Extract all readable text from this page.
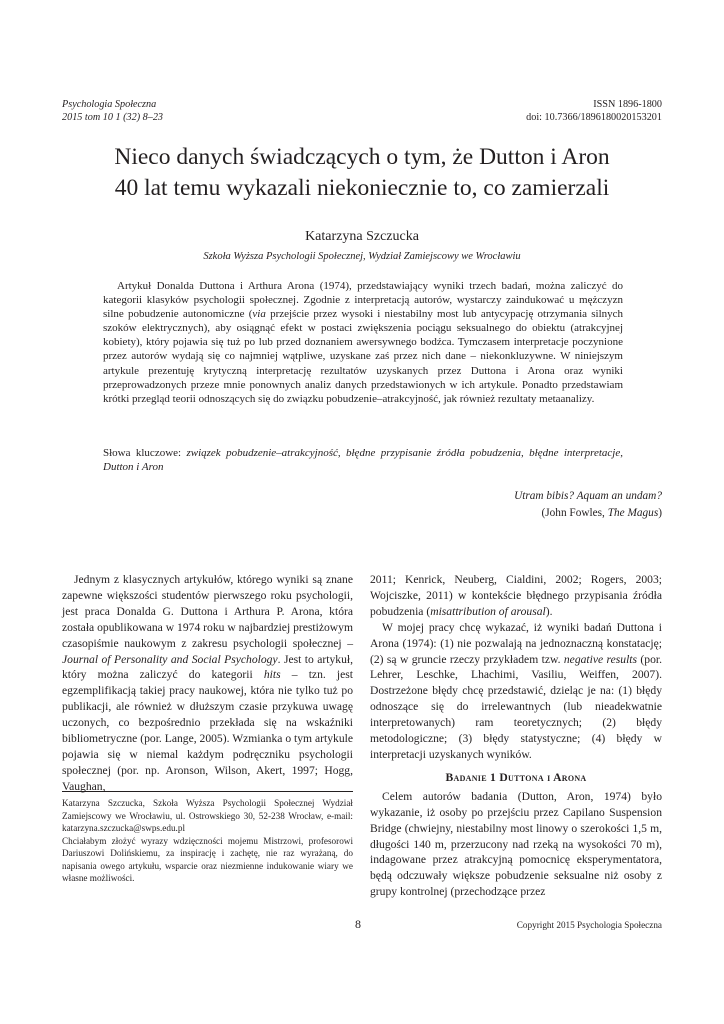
Psychologia Społeczna
2015 tom 10 1 (32) 8–23
ISSN 1896-1800
doi: 10.7366/1896180020153201
Nieco danych świadczących o tym, że Dutton i Aron
40 lat temu wykazali niekoniecznie to, co zamierzali
Katarzyna Szczucka
Szkoła Wyższa Psychologii Społecznej, Wydział Zamiejscowy we Wrocławiu
Artykuł Donalda Duttona i Arthura Arona (1974), przedstawiający wyniki trzech badań, można zaliczyć do kategorii klasyków psychologii społecznej. Zgodnie z interpretacją autorów, wystarczy zaindukować u mężczyzn silne pobudzenie autonomiczne (via przejście przez wysoki i niestabilny most lub antycypację otrzymania silnych szoków elektrycznych), aby osiągnąć efekt w postaci zwiększenia pociągu seksualnego do obiektu (atrakcyjnej kobiety), który pojawia się tuż po lub przed doznaniem awersywnego bodźca. Tymczasem interpretacje poczynione przez autorów wydają się co najmniej wątpliwe, uzyskane zaś przez nich dane – niekonkluzywne. W niniejszym artykule prezentuję krytyczną interpretację rezultatów uzyskanych przez Duttona i Arona oraz wyniki przeprowadzonych przeze mnie ponownych analiz danych przedstawionych w ich artykule. Ponadto przedstawiam krótki przegląd teorii odnoszących się do związku pobudzenie–atrakcyjność, jak również rezultaty metaanalizy.
Słowa kluczowe: związek pobudzenie–atrakcyjność, błędne przypisanie źródła pobudzenia, błędne interpretacje, Dutton i Aron
Utram bibis? Aquam an undam?
(John Fowles, The Magus)

Jednym z klasycznych artykułów, którego wyniki są znane zapewne większości studentów pierwszego roku psychologii, jest praca Donalda G. Duttona i Arthura P. Arona, która została opublikowana w 1974 roku w najbardziej prestiżowym czasopiśmie naukowym z zakresu psychologii społecznej – Journal of Personality and Social Psychology. Jest to artykuł, który można zaliczyć do kategorii hits – tzn. jest egzemplifikacją takiej pracy naukowej, która nie tylko tuż po publikacji, ale również w dłuższym czasie przykuwa uwagę uczonych, co bezpośrednio przekłada się na wskaźniki bibliometryczne (por. Lange, 2005). Wzmianka o tym artykule pojawia się w niemal każdym podręczniku psychologii społecznej (por. np. Aronson, Wilson, Akert, 1997; Hogg, Vaughan,

2011; Kenrick, Neuberg, Cialdini, 2002; Rogers, 2003; Wojciszke, 2011) w kontekście błędnego przypisania źródła pobudzenia (misattribution of arousal).

W mojej pracy chcę wykazać, iż wyniki badań Duttona i Arona (1974): (1) nie pozwalają na jednoznaczną konstatację; (2) są w gruncie rzeczy przykładem tzw. negative results (por. Lehrer, Leschke, Lhachimi, Vasiliu, Weiffen, 2007). Dostrzeżone błędy chcę przedstawić, dzieląc je na: (1) błędy odnoszące się do irrelewantnych (lub nieadekwatnie interpretowanych) ram teoretycznych; (2) błędy metodologiczne; (3) błędy statystyczne; (4) błędy w interpretacji uzyskanych wyników.

Badanie 1 Duttona i Arona

Celem autorów badania (Dutton, Aron, 1974) było wykazanie, iż osoby po przejściu przez Capilano Suspension Bridge (chwiejny, niestabilny most linowy o szerokości 1,5 m, długości 140 m, przerzucony nad rzeką na wysokości 70 m), indagowane przez atrakcyjną pomocnicę eksperymentatora, będą odczuwały większe pobudzenie seksualne niż osoby z grupy kontrolnej (przechodzące przez

Katarzyna Szczucka, Szkoła Wyższa Psychologii Społecznej Wydział Zamiejscowy we Wrocławiu, ul. Ostrowskiego 30, 52-238 Wrocław, e-mail: katarzyna.szczucka@swps.edu.pl

Chciałabym złożyć wyrazy wdzięczności mojemu Mistrzowi, profesorowi Dariuszowi Dolińskiemu, za inspirację i zachętę, nie raz wyrażaną, do napisania owego artykułu, wsparcie oraz niezmienne indukowanie wiary we własne możliwości.

8	Copyright 2015 Psychologia Społeczna
